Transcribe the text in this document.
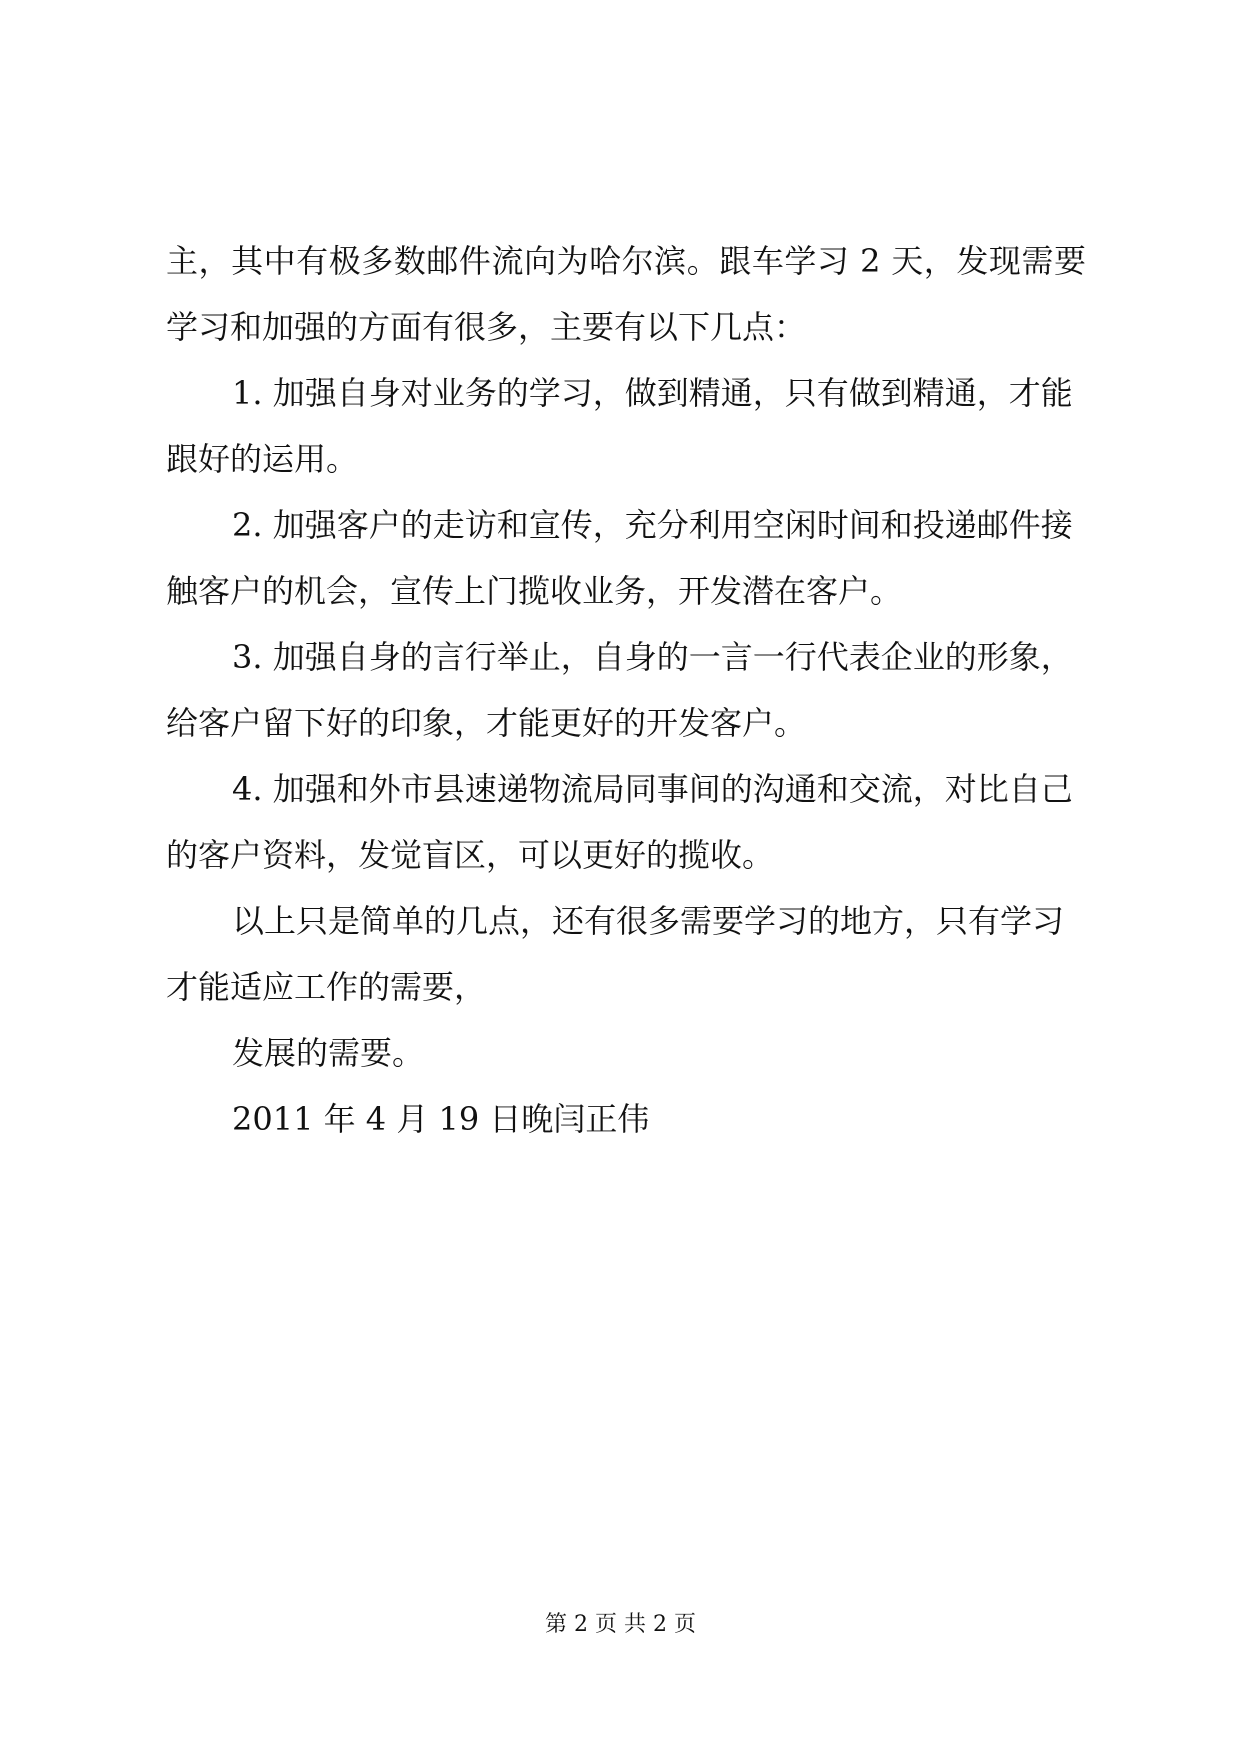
主，其中有极多数邮件流向为哈尔滨。跟车学习 2 天，发现需要
学习和加强的方面有很多，主要有以下几点：
1. 加强自身对业务的学习，做到精通，只有做到精通，才能
跟好的运用。
2. 加强客户的走访和宣传，充分利用空闲时间和投递邮件接
触客户的机会，宣传上门揽收业务，开发潜在客户。
3. 加强自身的言行举止，自身的一言一行代表企业的形象，
给客户留下好的印象，才能更好的开发客户。
4. 加强和外市县速递物流局同事间的沟通和交流，对比自己
的客户资料，发觉盲区，可以更好的揽收。
以上只是简单的几点，还有很多需要学习的地方，只有学习
才能适应工作的需要，
发展的需要。
2011 年 4 月 19 日晚闫正伟
第 2 页 共 2 页
